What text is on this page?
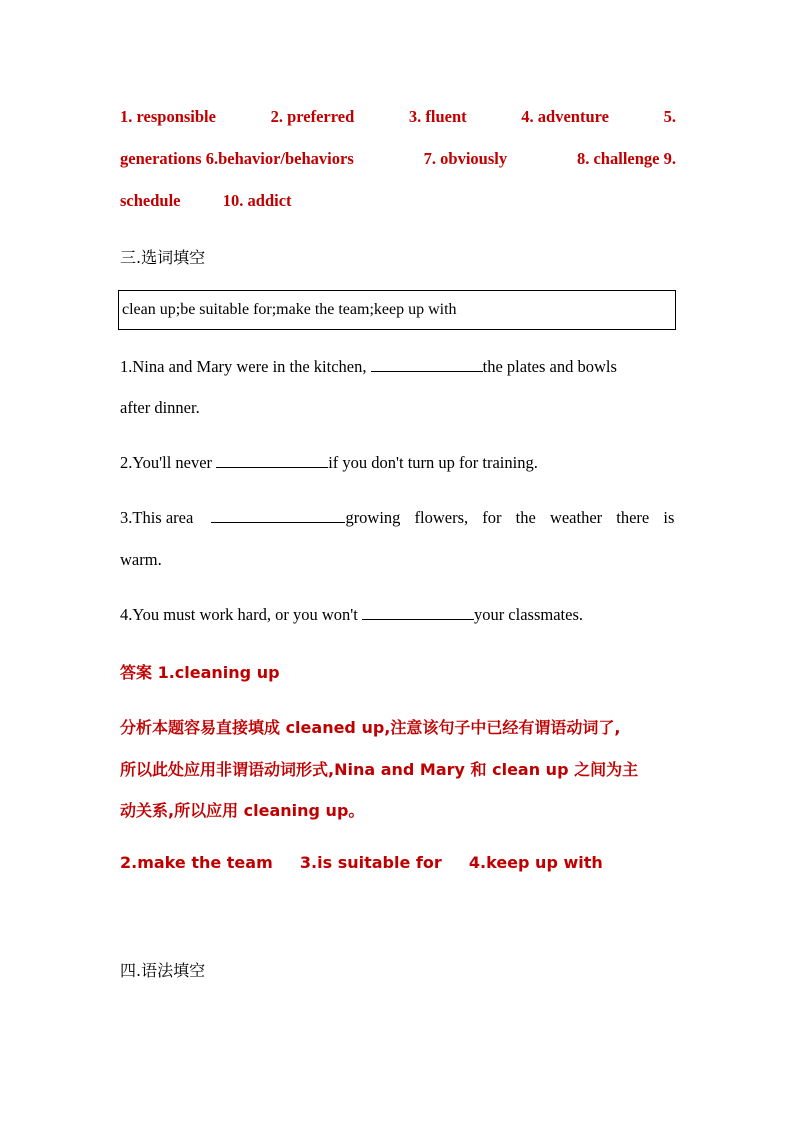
1. responsible	2. preferred	3. fluent	4. adventure	5.
generations 6.behavior/behaviors	7. obviously	8. challenge 9.
schedule	10. addict
三.选词填空
clean up;be suitable for;make the team;keep up with
1.Nina and Mary were in the kitchen,	the plates and bowls
after dinner.
2.You'll never	if you don't turn up for training.
3.This area	growing flowers, for the weather there is
warm.
4.You must work hard, or you won't	your classmates.
答案 1.cleaning up
分析本题容易直接填成 cleaned up,注意该句子中已经有谓语动词了,
所以此处应用非谓语动词形式,Nina and Mary 和 clean up 之间为主
动关系,所以应用 cleaning up。
2.make the team 3.is suitable for 4.keep up with
四.语法填空
